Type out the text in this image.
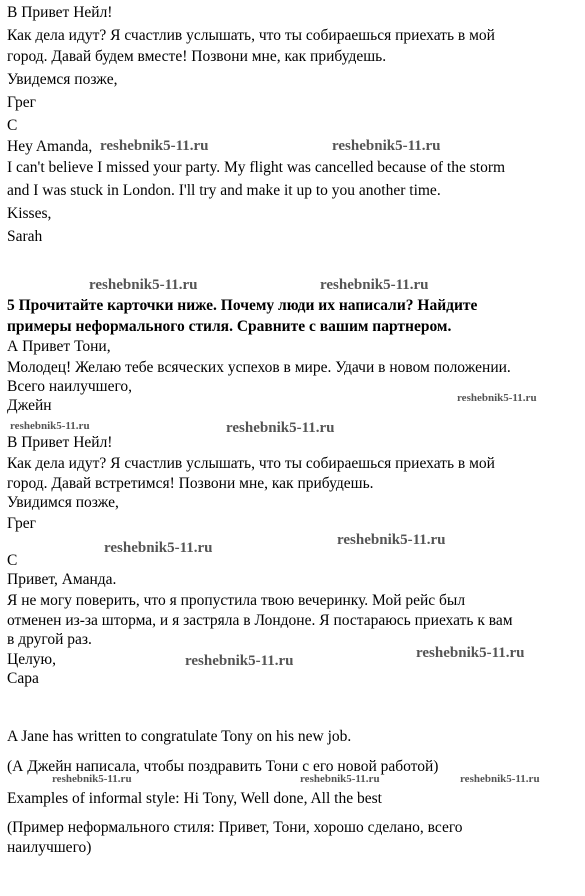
В Привет Нейл!
Как дела идут? Я счастлив услышать, что ты собираешься приехать в мой
город. Давай будем вместе! Позвони мне, как прибудешь.
Увидемся позже,
Грег
С
Hey Amanda,
I can't believe I missed your party. My flight was cancelled because of the storm
and I was stuck in London. I'll try and make it up to you another time.
Kisses,
Sarah
5 Прочитайте карточки ниже. Почему люди их написали? Найдите
примеры неформального стиля. Сравните с вашим партнером.
А Привет Тони,
Молодец! Желаю тебе всяческих успехов в мире. Удачи в новом положении.
Всего наилучшего,
Джейн
В Привет Нейл!
Как дела идут? Я счастлив услышать, что ты собираешься приехать в мой
город. Давай встретимся! Позвони мне, как прибудешь.
Увидимся позже,
Грег
С
Привет, Аманда.
Я не могу поверить, что я пропустила твою вечеринку. Мой рейс был
отменен из-за шторма, и я застряла в Лондоне. Я постараюсь приехать к вам
в другой раз.
Целую,
Сара
A Jane has written to congratulate Tony on his new job.
(А Джейн написала, чтобы поздравить Тони с его новой работой)
Examples of informal style: Hi Tony, Well done, All the best
(Пример неформального стиля: Привет, Тони, хорошо сделано, всего
наилучшего)
reshebnik5-11.ru	reshebnik5-11.ru
reshebnik5-11.ru	reshebnik5-11.ru
reshebnik5-11.ru
reshebnik5-11.ru	reshebnik5-11.ru
reshebnik5-11.ru	reshebnik5-11.ru
reshebnik5-11.ru	reshebnik5-11.ru
reshebnik5-11.ru	reshebnik5-11.ru	reshebnik5-11.ru
